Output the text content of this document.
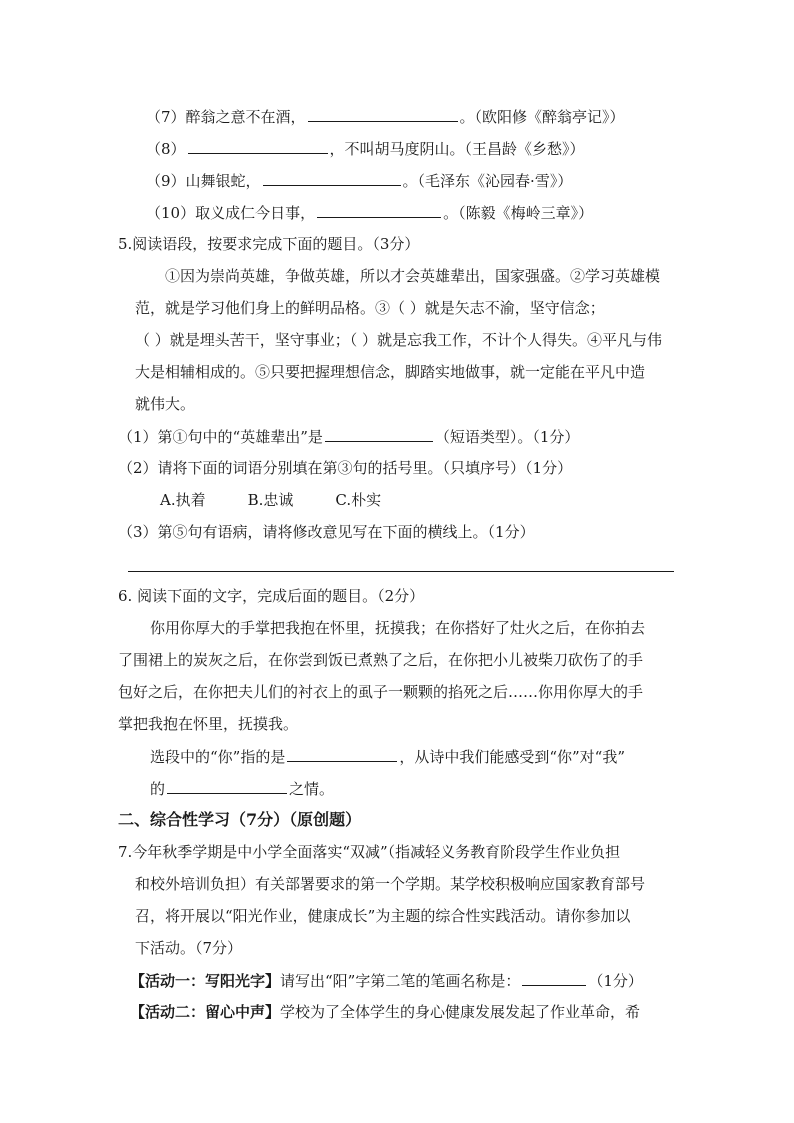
（7）醉翁之意不在酒，	。（欧阳修《醉翁亭记》）
（8）	，不叫胡马度阴山。（王昌龄《乡愁》）
（9）山舞银蛇，	。（毛泽东《沁园春·雪》）
（10）取义成仁今日事，	。（陈毅《梅岭三章》）
5.阅读语段，按要求完成下面的题目。（3分）
①因为崇尚英雄，争做英雄，所以才会英雄辈出，国家强盛。②学习英雄模
范，就是学习他们身上的鲜明品格。③（ ）就是矢志不渝，坚守信念；
（ ）就是埋头苦干，坚守事业；（ ）就是忘我工作，不计个人得失。④平凡与伟
大是相辅相成的。⑤只要把握理想信念，脚踏实地做事，就一定能在平凡中造
就伟大。
（1）第①句中的“英雄辈出”是	（短语类型）。（1分）
（2）请将下面的词语分别填在第③句的括号里。（只填序号）（1分）
A.执着	B.忠诚	C.朴实
（3）第⑤句有语病，请将修改意见写在下面的横线上。（1分）
6. 阅读下面的文字，完成后面的题目。（2分）
你用你厚大的手掌把我抱在怀里，抚摸我；在你搭好了灶火之后，在你拍去
了围裙上的炭灰之后，在你尝到饭已煮熟了之后，在你把小儿被柴刀砍伤了的手
包好之后，在你把夫儿们的衬衣上的虱子一颗颗的掐死之后……你用你厚大的手
掌把我抱在怀里，抚摸我。
选段中的“你”指的是	，从诗中我们能感受到“你”对“我”
的	之情。
二、综合性学习（7分）（原创题）
7.今年秋季学期是中小学全面落实“双减”（指减轻义务教育阶段学生作业负担
和校外培训负担）有关部署要求的第一个学期。某学校积极响应国家教育部号
召，将开展以“阳光作业，健康成长”为主题的综合性实践活动。请你参加以
下活动。（7分）
【活动一：写阳光字】请写出“阳”字第二笔的笔画名称是：	（1分）
【活动二：留心中声】学校为了全体学生的身心健康发展发起了作业革命，希
